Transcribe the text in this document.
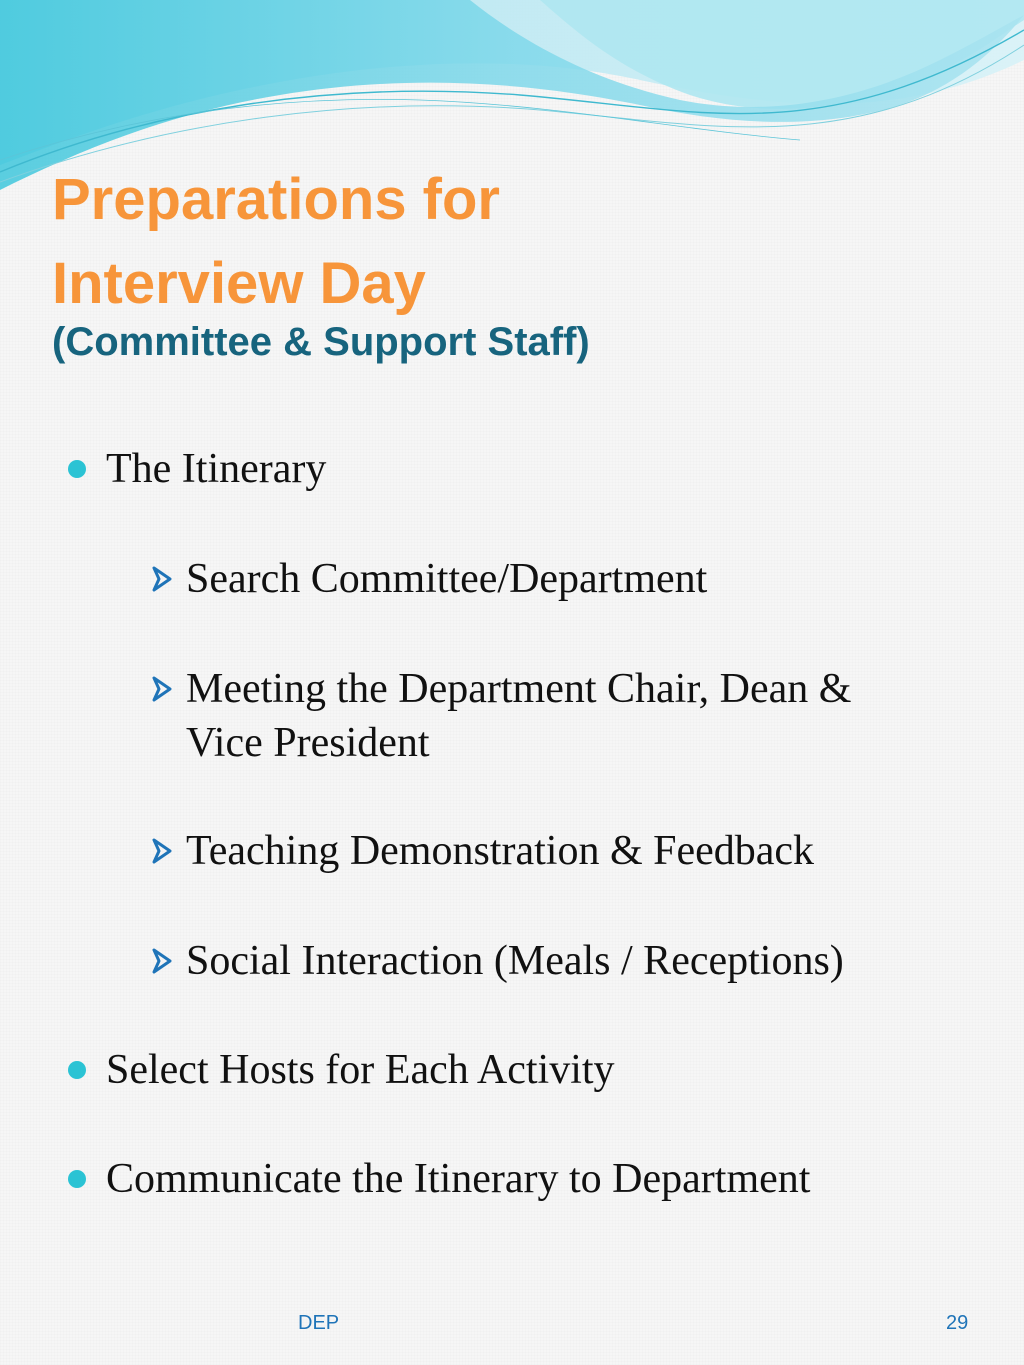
Preparations for
Interview Day
(Committee & Support Staff)
The Itinerary
Search Committee/Department
Meeting the Department Chair, Dean &
Vice President
Teaching Demonstration & Feedback
Social Interaction (Meals / Receptions)
Select Hosts for Each Activity
Communicate the Itinerary to Department
DEP	29
